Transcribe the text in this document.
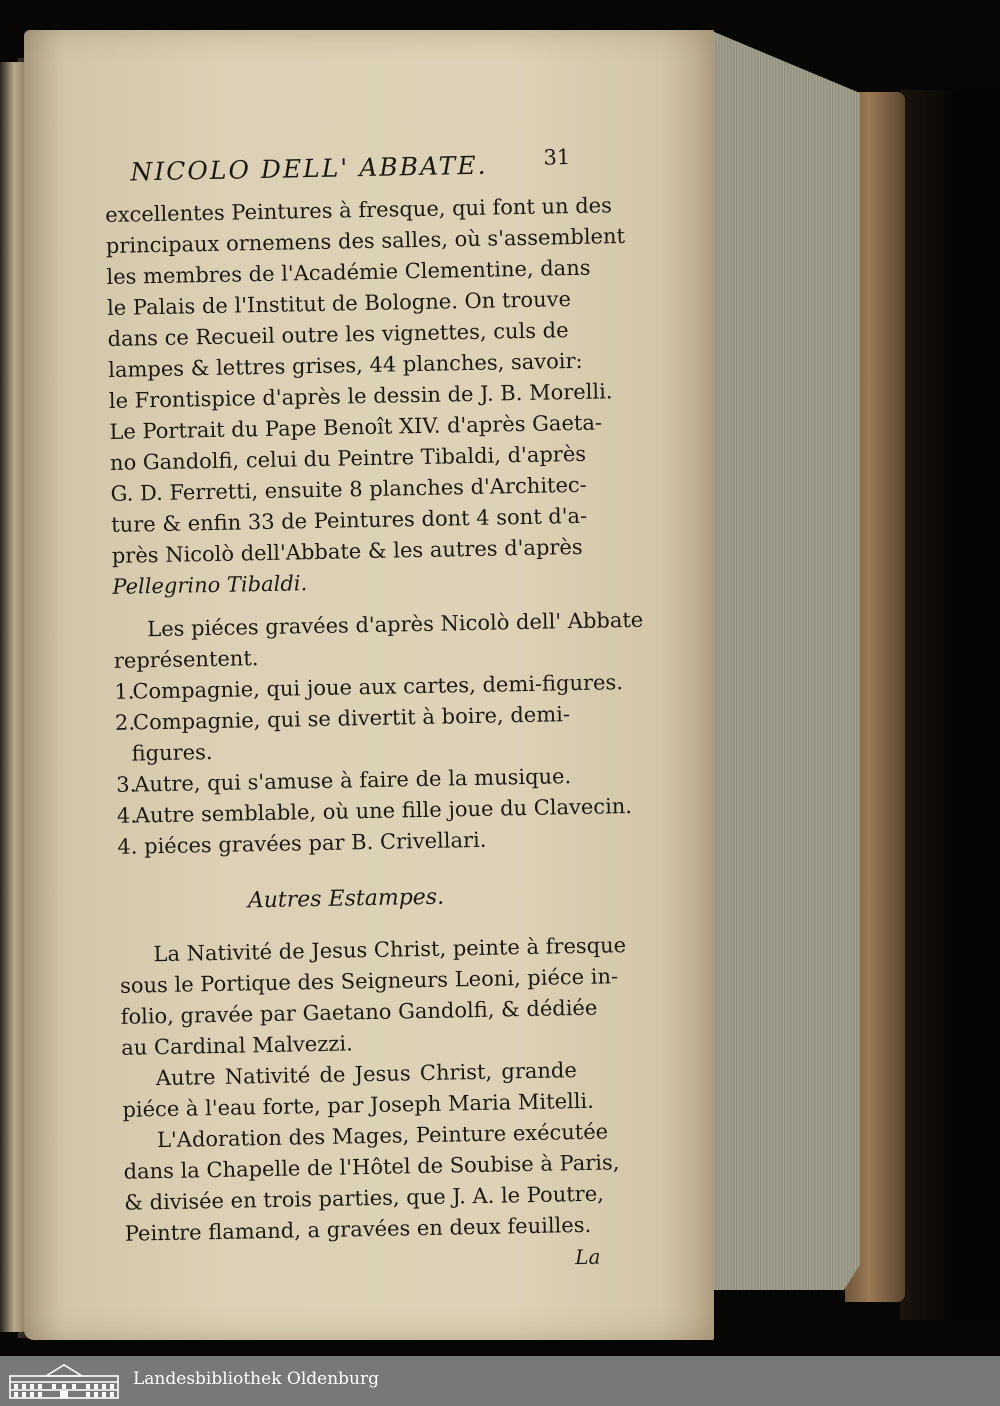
NICOLO DELL' ABBATE.	31
excellentes Peintures à fresque, qui font un des
principaux ornemens des salles, où s'assemblent
les membres de l'Académie Clementine, dans
le Palais de l'Institut de Bologne. On trouve
dans ce Recueil outre les vignettes, culs de
lampes & lettres grises, 44 planches, savoir:
le Frontispice d'après le dessin de J. B. Morelli.
Le Portrait du Pape Benoît XIV. d'après Gaeta-
no Gandolfi, celui du Peintre Tibaldi, d'après
G. D. Ferretti, ensuite 8 planches d'Architec-
ture & enfin 33 de Peintures dont 4 sont d'a-
près Nicolò dell'Abbate & les autres d'après
Pellegrino Tibaldi.
Les piéces gravées d'après Nicolò dell' Abbate
représentent.
1.
Compagnie, qui joue aux cartes, demi-figures.
2.
Compagnie, qui se divertit à boire, demi-
figures.
3.
Autre, qui s'amuse à faire de la musique.
4.
Autre semblable, où une fille joue du Clavecin.
4. piéces gravées par B. Crivellari.
Autres Estampes.
La Nativité de Jesus Christ, peinte à fresque
sous le Portique des Seigneurs Leoni, piéce in-
folio, gravée par Gaetano Gandolfi, & dédiée
au Cardinal Malvezzi.
Autre Nativité de Jesus Christ, grande
piéce à l'eau forte, par Joseph Maria Mitelli.
L'Adoration des Mages, Peinture exécutée
dans la Chapelle de l'Hôtel de Soubise à Paris,
& divisée en trois parties, que J. A. le Poutre,
Peintre flamand, a gravées en deux feuilles.
La
Landesbibliothek Oldenburg
